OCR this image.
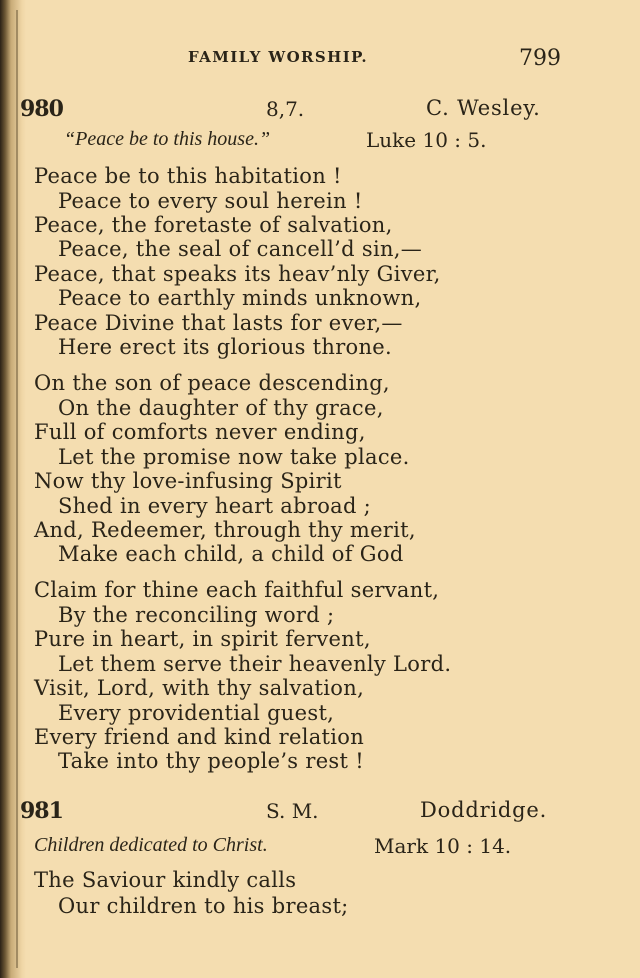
FAMILY WORSHIP.	799
980	8,7.	C. Wesley.
“Peace be to this house.”	Luke 10 : 5.
Peace be to this habitation !
Peace to every soul herein !
Peace, the foretaste of salvation,
Peace, the seal of cancell’d sin,—
Peace, that speaks its heav’nly Giver,
Peace to earthly minds unknown,
Peace Divine that lasts for ever,—
Here erect its glorious throne.
On the son of peace descending,
On the daughter of thy grace,
Full of comforts never ending,
Let the promise now take place.
Now thy love-infusing Spirit
Shed in every heart abroad ;
And, Redeemer, through thy merit,
Make each child, a child of God
Claim for thine each faithful servant,
By the reconciling word ;
Pure in heart, in spirit fervent,
Let them serve their heavenly Lord.
Visit, Lord, with thy salvation,
Every providential guest,
Every friend and kind relation
Take into thy people’s rest !
981	S. M.	Doddridge.
Children dedicated to Christ.	Mark 10 : 14.
The Saviour kindly calls
Our children to his breast;
